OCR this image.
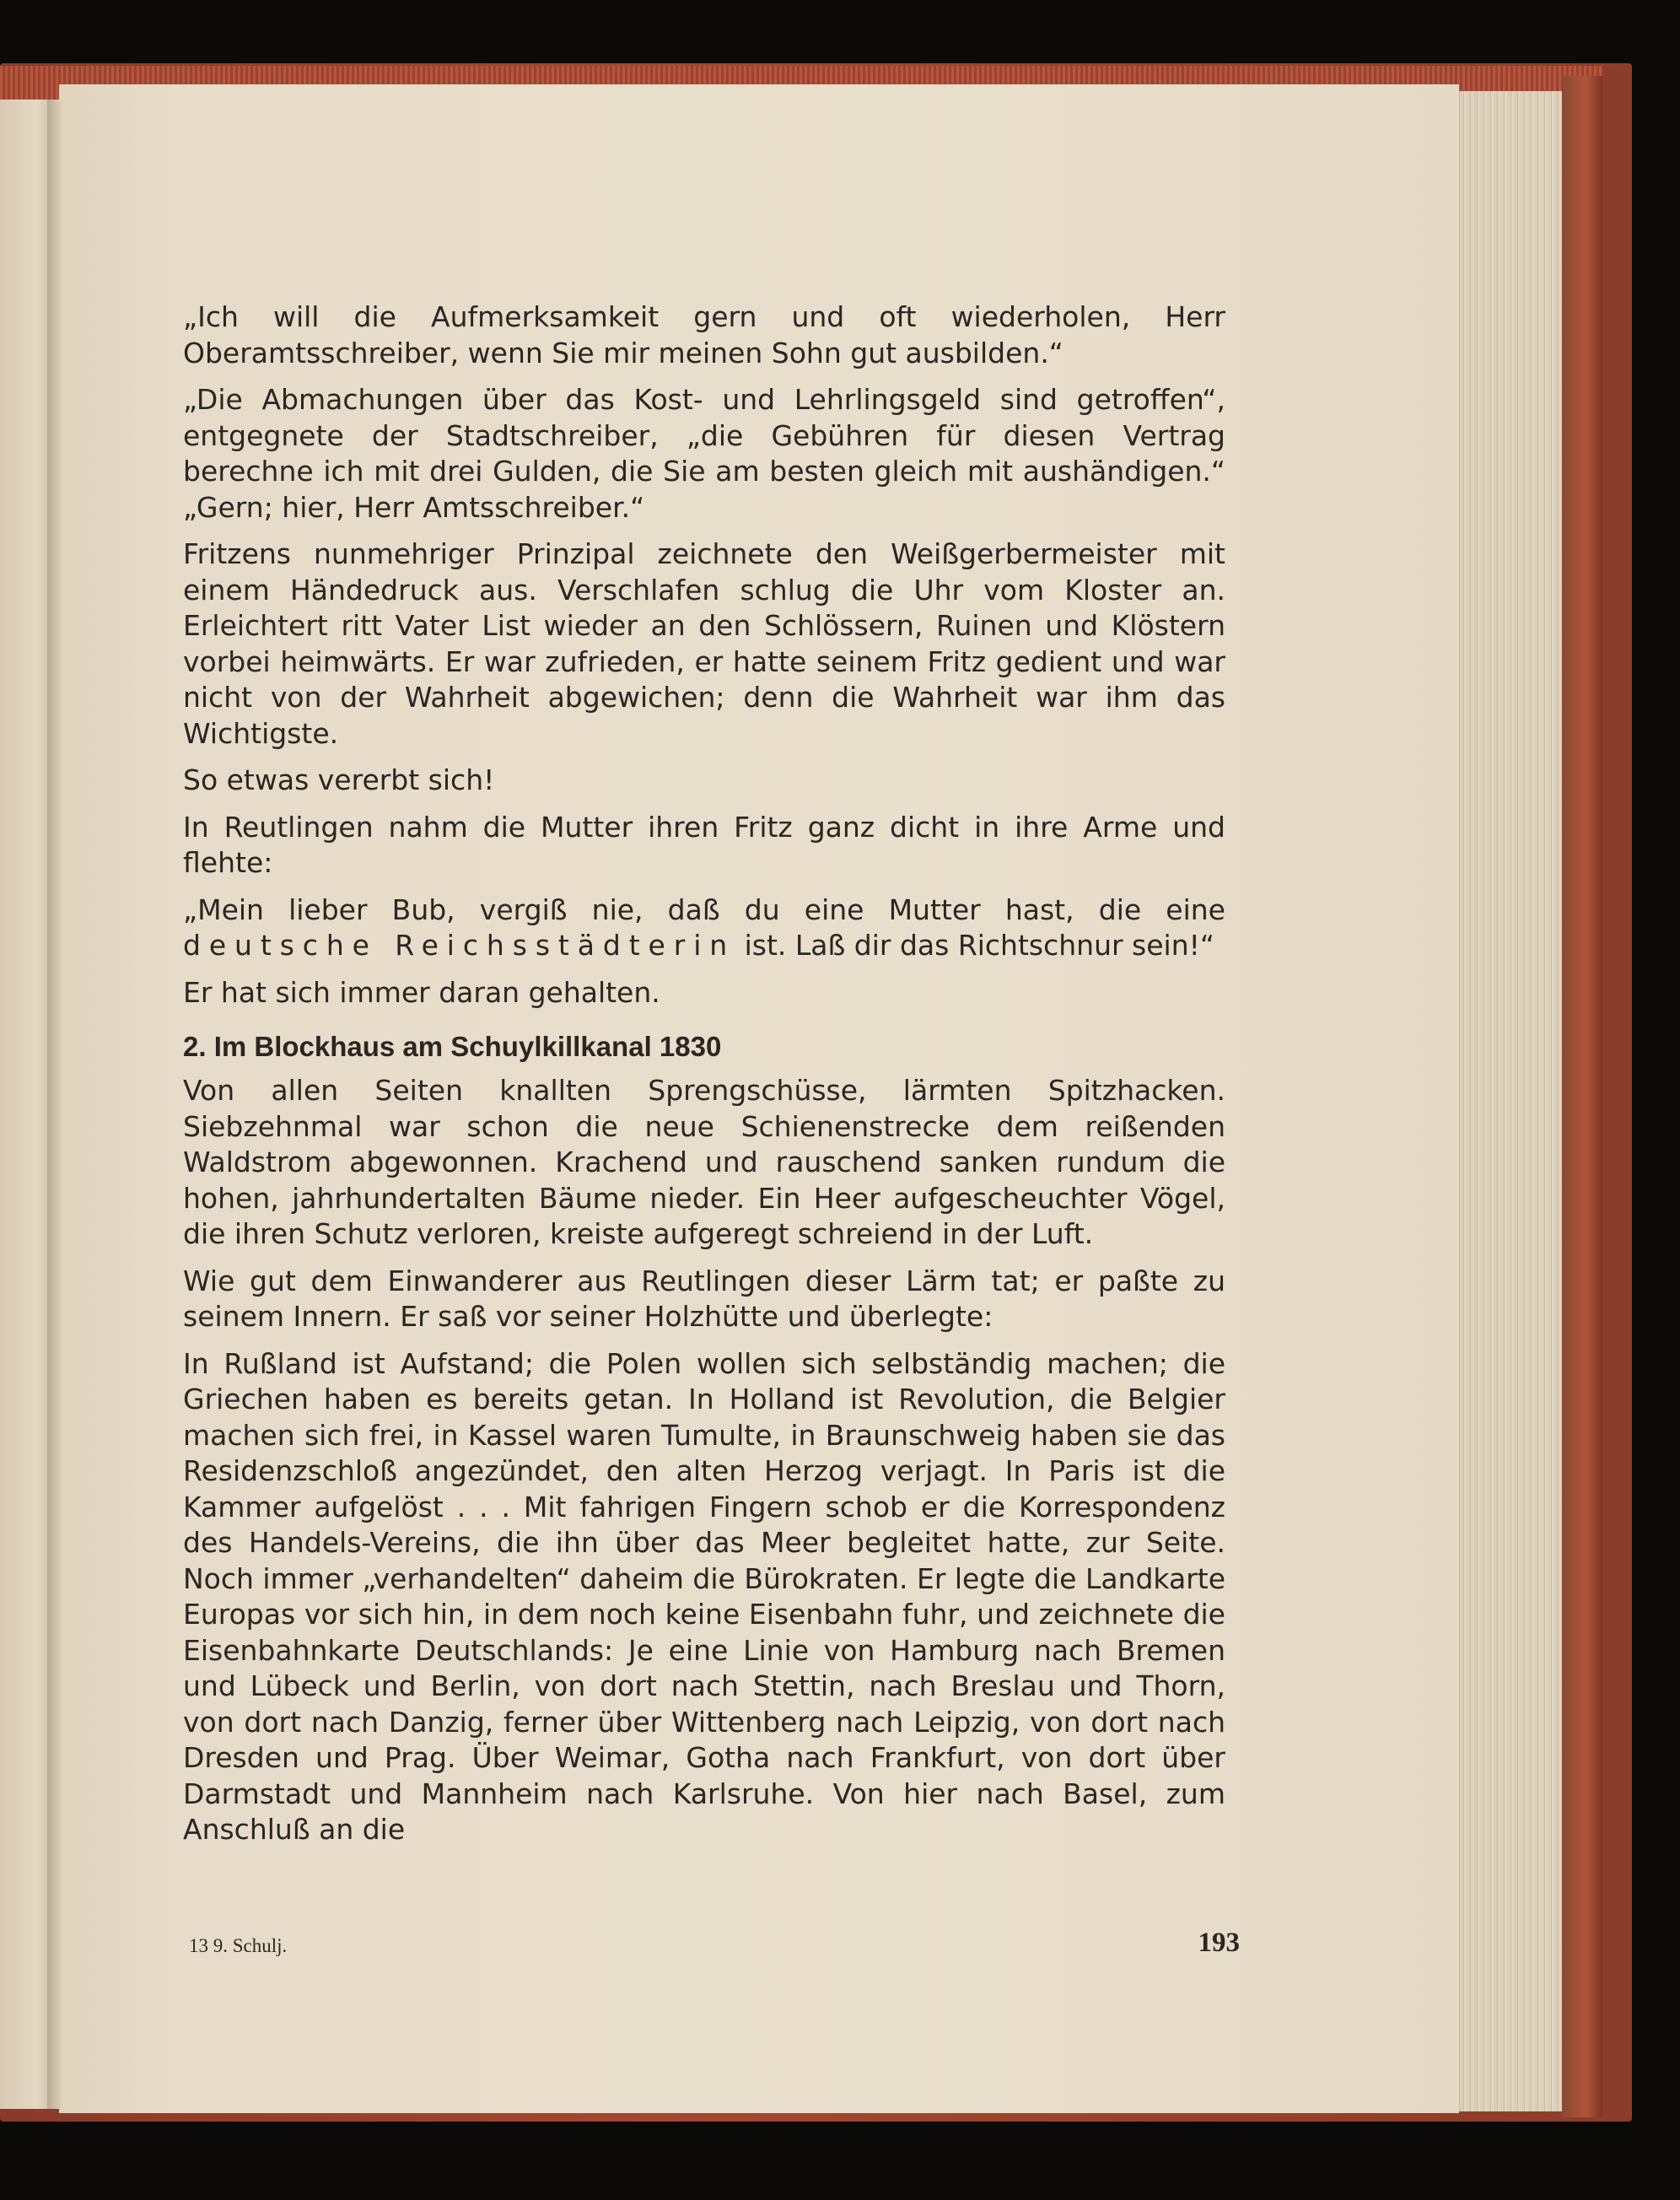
„Ich will die Aufmerksamkeit gern und oft wiederholen, Herr Oberamtsschreiber, wenn Sie mir meinen Sohn gut ausbilden.“

„Die Abmachungen über das Kost- und Lehrlingsgeld sind getroffen“, entgegnete der Stadtschreiber, „die Gebühren für diesen Vertrag berechne ich mit drei Gulden, die Sie am besten gleich mit aushändigen.“ „Gern; hier, Herr Amtsschreiber.“

Fritzens nunmehriger Prinzipal zeichnete den Weißgerbermeister mit einem Händedruck aus. Verschlafen schlug die Uhr vom Kloster an. Erleichtert ritt Vater List wieder an den Schlössern, Ruinen und Klöstern vorbei heimwärts. Er war zufrieden, er hatte seinem Fritz gedient und war nicht von der Wahrheit abgewichen; denn die Wahrheit war ihm das Wichtigste.

So etwas vererbt sich!

In Reutlingen nahm die Mutter ihren Fritz ganz dicht in ihre Arme und flehte:

„Mein lieber Bub, vergiß nie, daß du eine Mutter hast, die eine deutsche Reichsstädterin ist. Laß dir das Richtschnur sein!“

Er hat sich immer daran gehalten.

2. Im Blockhaus am Schuylkillkanal 1830

Von allen Seiten knallten Sprengschüsse, lärmten Spitzhacken. Siebzehnmal war schon die neue Schienenstrecke dem reißenden Waldstrom abgewonnen. Krachend und rauschend sanken rundum die hohen, jahrhundertalten Bäume nieder. Ein Heer aufgescheuchter Vögel, die ihren Schutz verloren, kreiste aufgeregt schreiend in der Luft.

Wie gut dem Einwanderer aus Reutlingen dieser Lärm tat; er paßte zu seinem Innern. Er saß vor seiner Holzhütte und überlegte:

In Rußland ist Aufstand; die Polen wollen sich selbständig machen; die Griechen haben es bereits getan. In Holland ist Revolution, die Belgier machen sich frei, in Kassel waren Tumulte, in Braunschweig haben sie das Residenzschloß angezündet, den alten Herzog verjagt. In Paris ist die Kammer aufgelöst . . . Mit fahrigen Fingern schob er die Korrespondenz des Handels-Vereins, die ihn über das Meer begleitet hatte, zur Seite. Noch immer „verhandelten“ daheim die Bürokraten. Er legte die Landkarte Europas vor sich hin, in dem noch keine Eisenbahn fuhr, und zeichnete die Eisenbahnkarte Deutschlands: Je eine Linie von Hamburg nach Bremen und Lübeck und Berlin, von dort nach Stettin, nach Breslau und Thorn, von dort nach Danzig, ferner über Wittenberg nach Leipzig, von dort nach Dresden und Prag. Über Weimar, Gotha nach Frankfurt, von dort über Darmstadt und Mannheim nach Karlsruhe. Von hier nach Basel, zum Anschluß an die

13 9. Schulj.	193
